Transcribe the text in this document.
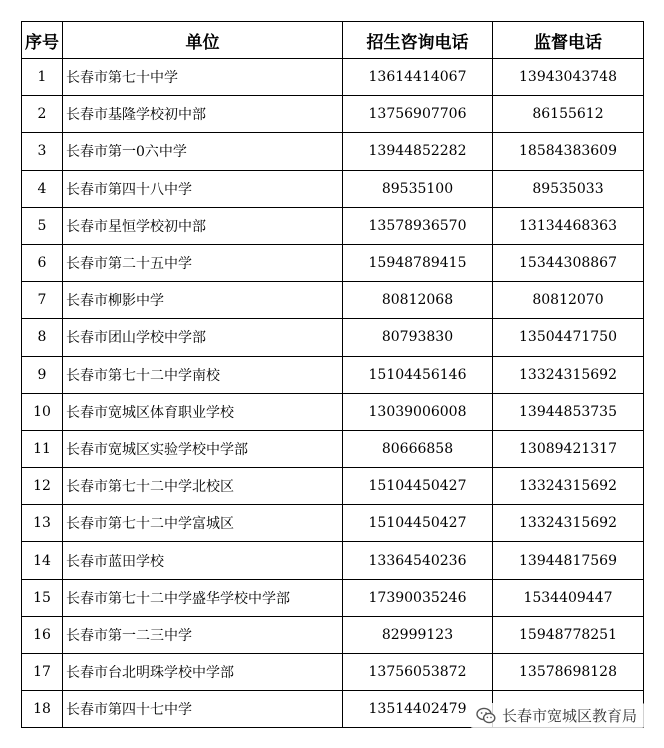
序号	单位	招生咨询电话	监督电话
1	长春市第七十中学	13614414067	13943043748
2	长春市基隆学校初中部	13756907706	86155612
3	长春市第一0六中学	13944852282	18584383609
4	长春市第四十八中学	89535100	89535033
5	长春市星恒学校初中部	13578936570	13134468363
6	长春市第二十五中学	15948789415	15344308867
7	长春市柳影中学	80812068	80812070
8	长春市团山学校中学部	80793830	13504471750
9	长春市第七十二中学南校	15104456146	13324315692
10	长春市宽城区体育职业学校	13039006008	13944853735
11	长春市宽城区实验学校中学部	80666858	13089421317
12	长春市第七十二中学北校区	15104450427	13324315692
13	长春市第七十二中学富城区	15104450427	13324315692
14	长春市蓝田学校	13364540236	13944817569
15	长春市第七十二中学盛华学校中学部	17390035246	1534409447
16	长春市第一二三中学	82999123	15948778251
17	长春市台北明珠学校中学部	13756053872	13578698128
18	长春市第四十七中学	13514402479	长春市宽城区教育局
